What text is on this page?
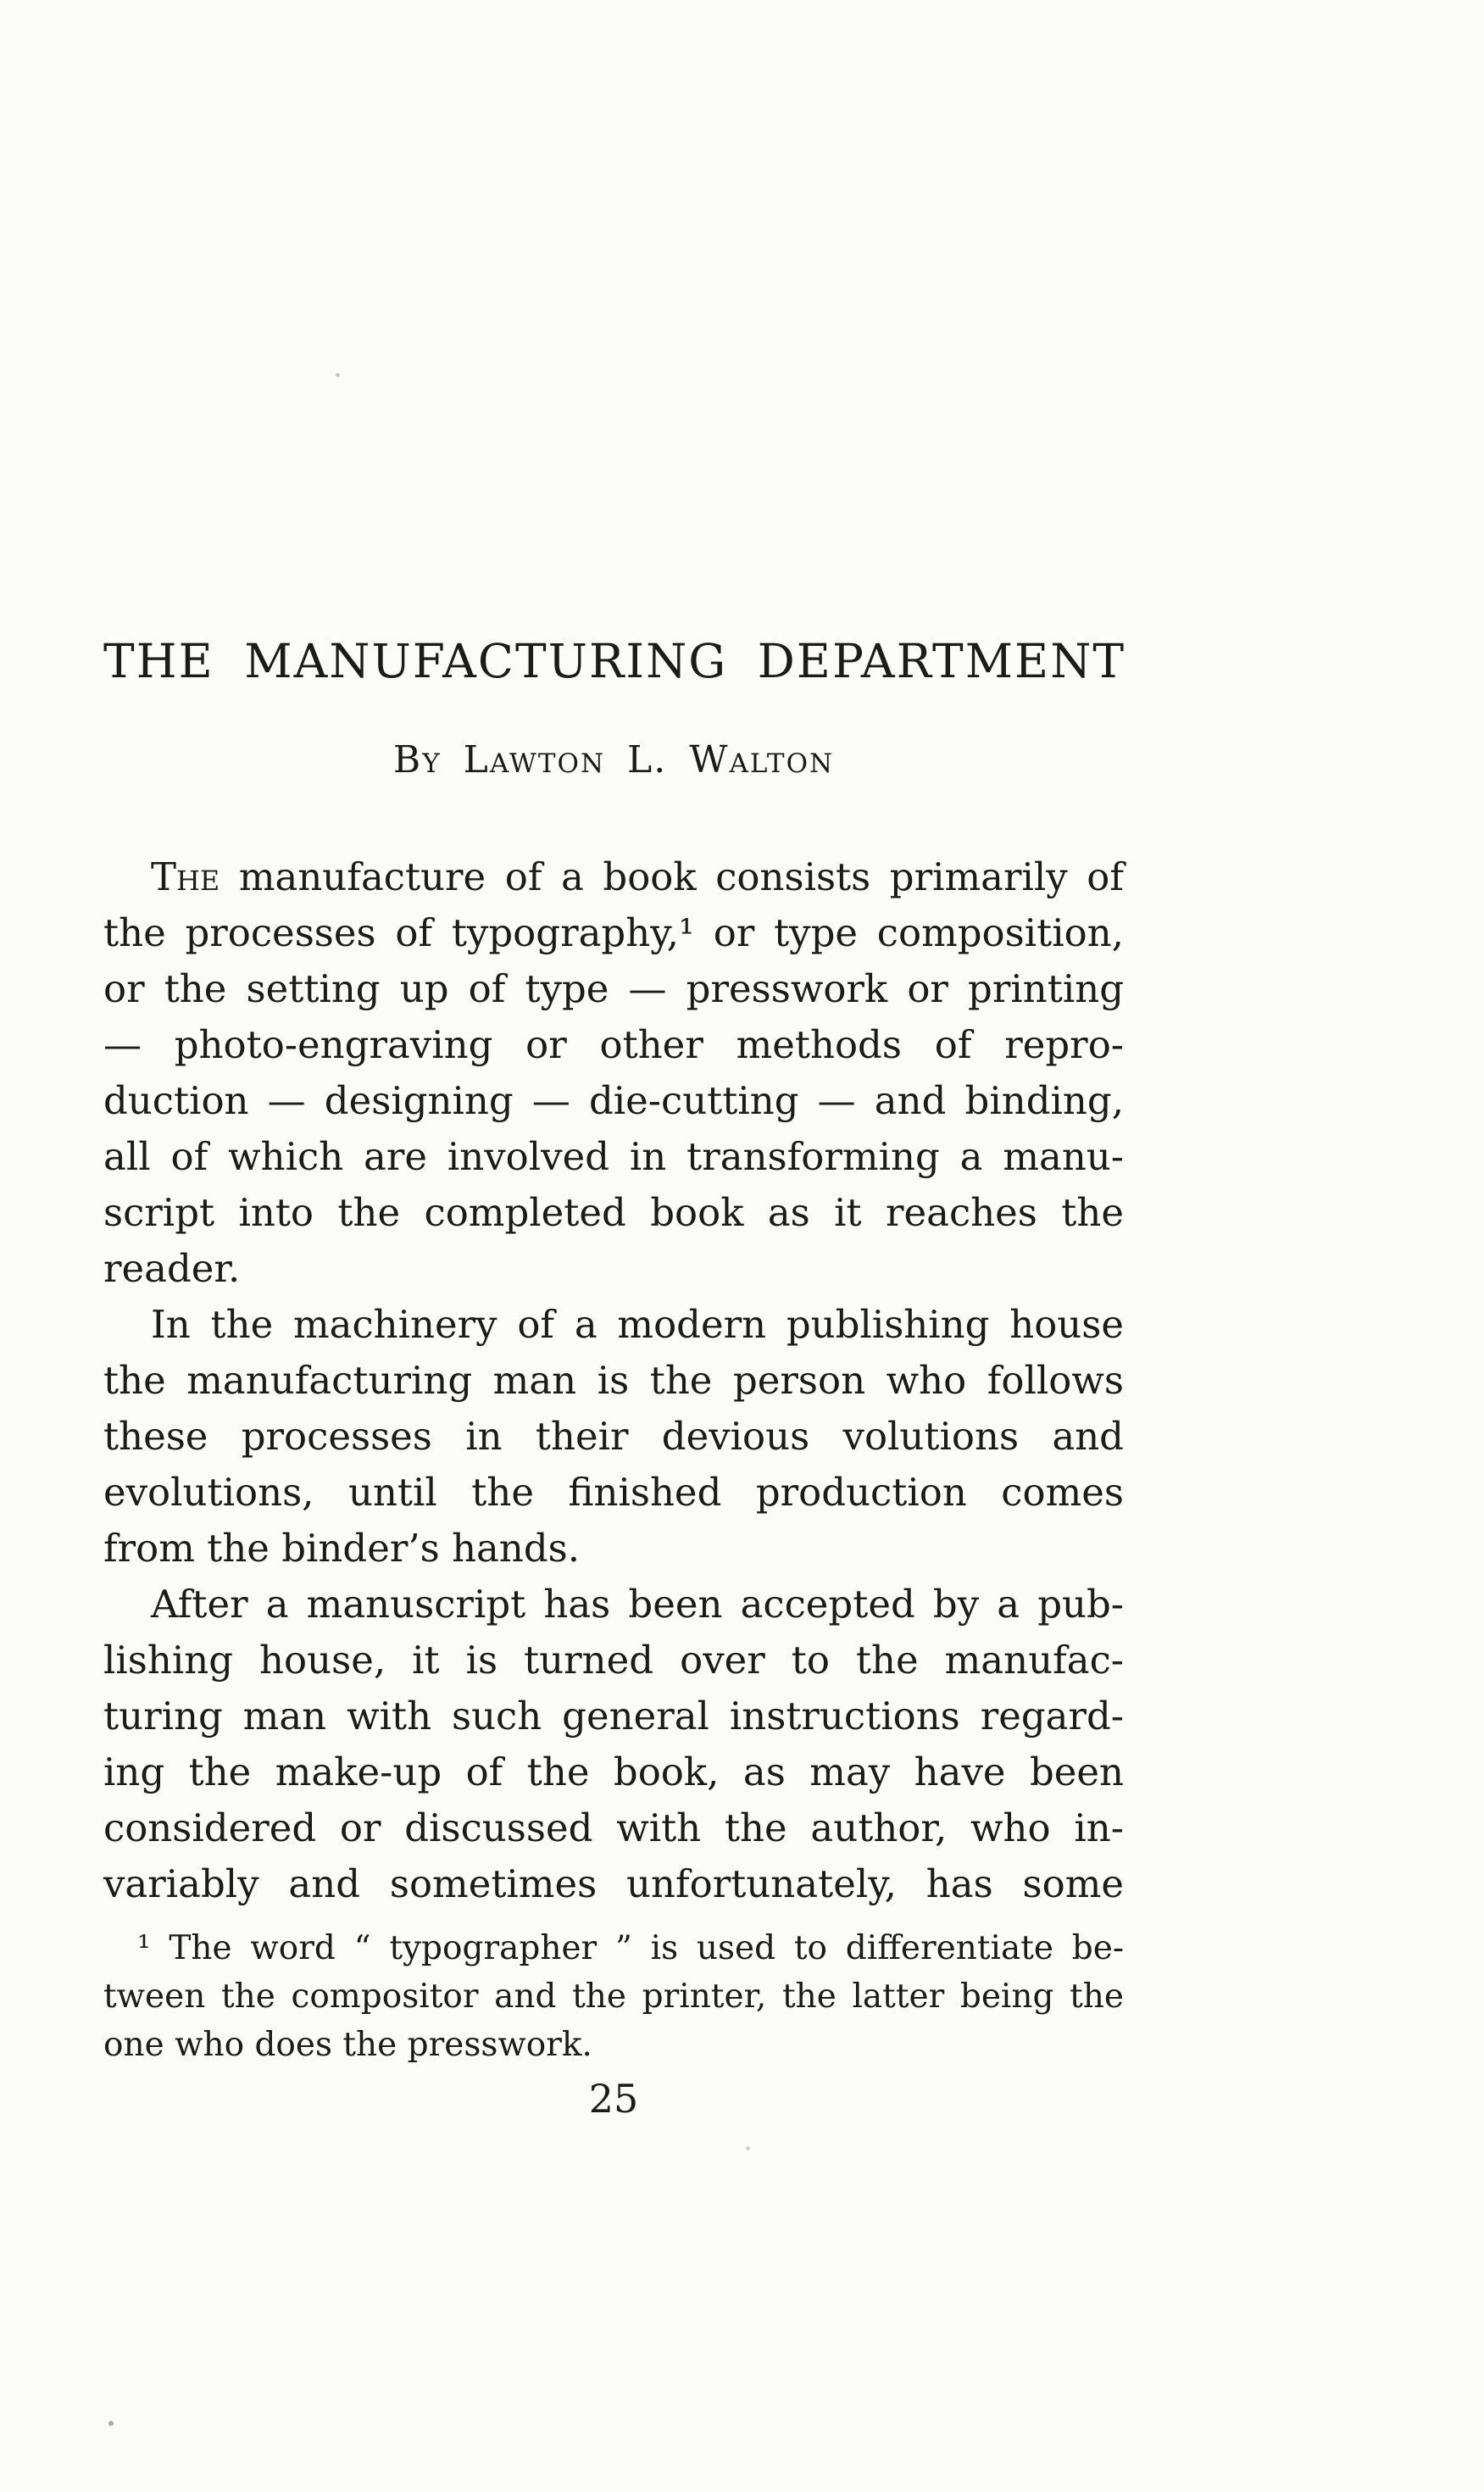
THE MANUFACTURING DEPARTMENT
By Lawton L. Walton
The manufacture of a book consists primarily of
the processes of typography,¹ or type composition,
or the setting up of type — presswork or printing
— photo-engraving or other methods of repro-
duction — designing — die-cutting — and binding,
all of which are involved in transforming a manu-
script into the completed book as it reaches the
reader.
In the machinery of a modern publishing house
the manufacturing man is the person who follows
these processes in their devious volutions and
evolutions, until the finished production comes
from the binder’s hands.
After a manuscript has been accepted by a pub-
lishing house, it is turned over to the manufac-
turing man with such general instructions regard-
ing the make-up of the book, as may have been
considered or discussed with the author, who in-
variably and sometimes unfortunately, has some
¹ The word “ typographer ” is used to differentiate be-
tween the compositor and the printer, the latter being the
one who does the presswork.
25
